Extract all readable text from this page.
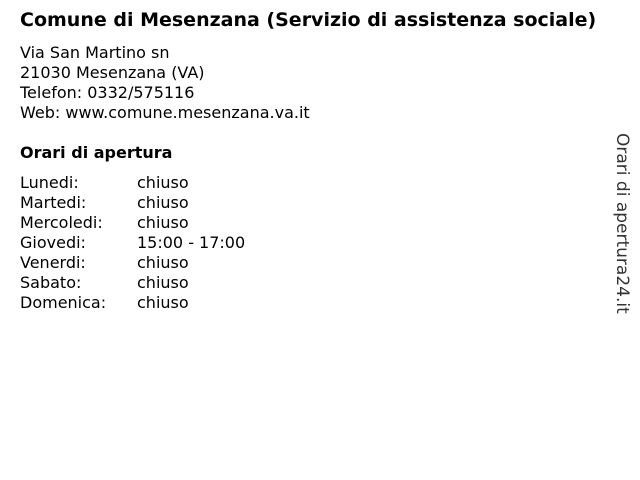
Comune di Mesenzana (Servizio di assistenza sociale)
Via San Martino sn
21030 Mesenzana (VA)
Telefon: 0332/575116
Web: www.comune.mesenzana.va.it
Orari di apertura
Lunedi:	chiuso
Martedi:	chiuso
Mercoledi:	chiuso
Giovedi:	15:00 - 17:00
Venerdi:	chiuso
Sabato:	chiuso
Domenica:	chiuso	Orari di apertura24.it
